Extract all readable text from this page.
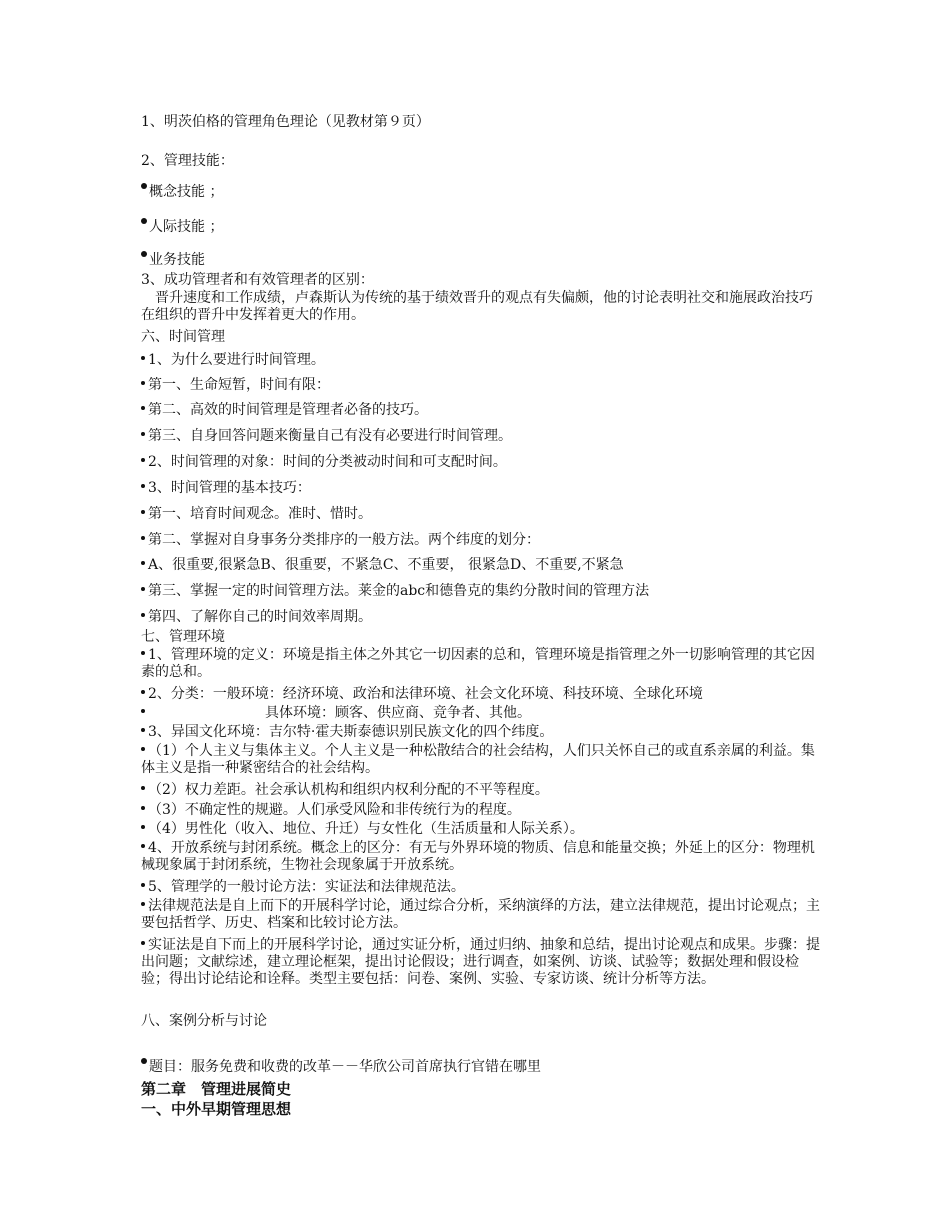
1、明茨伯格的管理角色理论（见教材第９页）
2、管理技能：
概念技能 ；
人际技能 ；
业务技能
3、成功管理者和有效管理者的区别：
晋升速度和工作成绩，卢森斯认为传统的基于绩效晋升的观点有失偏颇，他的讨论表明社交和施展政治技巧在组织的晋升中发挥着更大的作用。
六、时间管理
1、为什么要进行时间管理。
第一、生命短暂，时间有限：
第二、高效的时间管理是管理者必备的技巧。
第三、自身回答问题来衡量自己有没有必要进行时间管理。
2、时间管理的对象：时间的分类被动时间和可支配时间。
3、时间管理的基本技巧：
第一、培育时间观念。准时、惜时。
第二、掌握对自身事务分类排序的一般方法。两个纬度的划分：
A、很重要,很紧急B、很重要，不紧急C、不重要， 很紧急D、不重要,不紧急
第三、掌握一定的时间管理方法。莱金的abc和德鲁克的集约分散时间的管理方法
第四、了解你自己的时间效率周期。
七、管理环境
1、管理环境的定义：环境是指主体之外其它一切因素的总和，管理环境是指管理之外一切影响管理的其它因素的总和。
2、分类：一般环境：经济环境、政治和法律环境、社会文化环境、科技环境、全球化环境
具体环境：顾客、供应商、竞争者、其他。
3、异国文化环境：吉尔特·霍夫斯泰德识别民族文化的四个纬度。
（1）个人主义与集体主义。个人主义是一种松散结合的社会结构，人们只关怀自己的或直系亲属的利益。集体主义是指一种紧密结合的社会结构。
（2）权力差距。社会承认机构和组织内权利分配的不平等程度。
（3）不确定性的规避。人们承受风险和非传统行为的程度。
（4）男性化（收入、地位、升迁）与女性化（生活质量和人际关系）。
4、开放系统与封闭系统。概念上的区分：有无与外界环境的物质、信息和能量交换；外延上的区分：物理机械现象属于封闭系统，生物社会现象属于开放系统。
5、管理学的一般讨论方法：实证法和法律规范法。
法律规范法是自上而下的开展科学讨论，通过综合分析，采纳演绎的方法，建立法律规范，提出讨论观点；主要包括哲学、历史、档案和比较讨论方法。
实证法是自下而上的开展科学讨论，通过实证分析，通过归纳、抽象和总结，提出讨论观点和成果。步骤：提出问题；文献综述，建立理论框架，提出讨论假设；进行调查，如案例、访谈、试验等；数据处理和假设检验；得出讨论结论和诠释。类型主要包括：问卷、案例、实验、专家访谈、统计分析等方法。
八、案例分析与讨论
题目：服务免费和收费的改革－－华欣公司首席执行官错在哪里
第二章　管理进展简史
一、中外早期管理思想
